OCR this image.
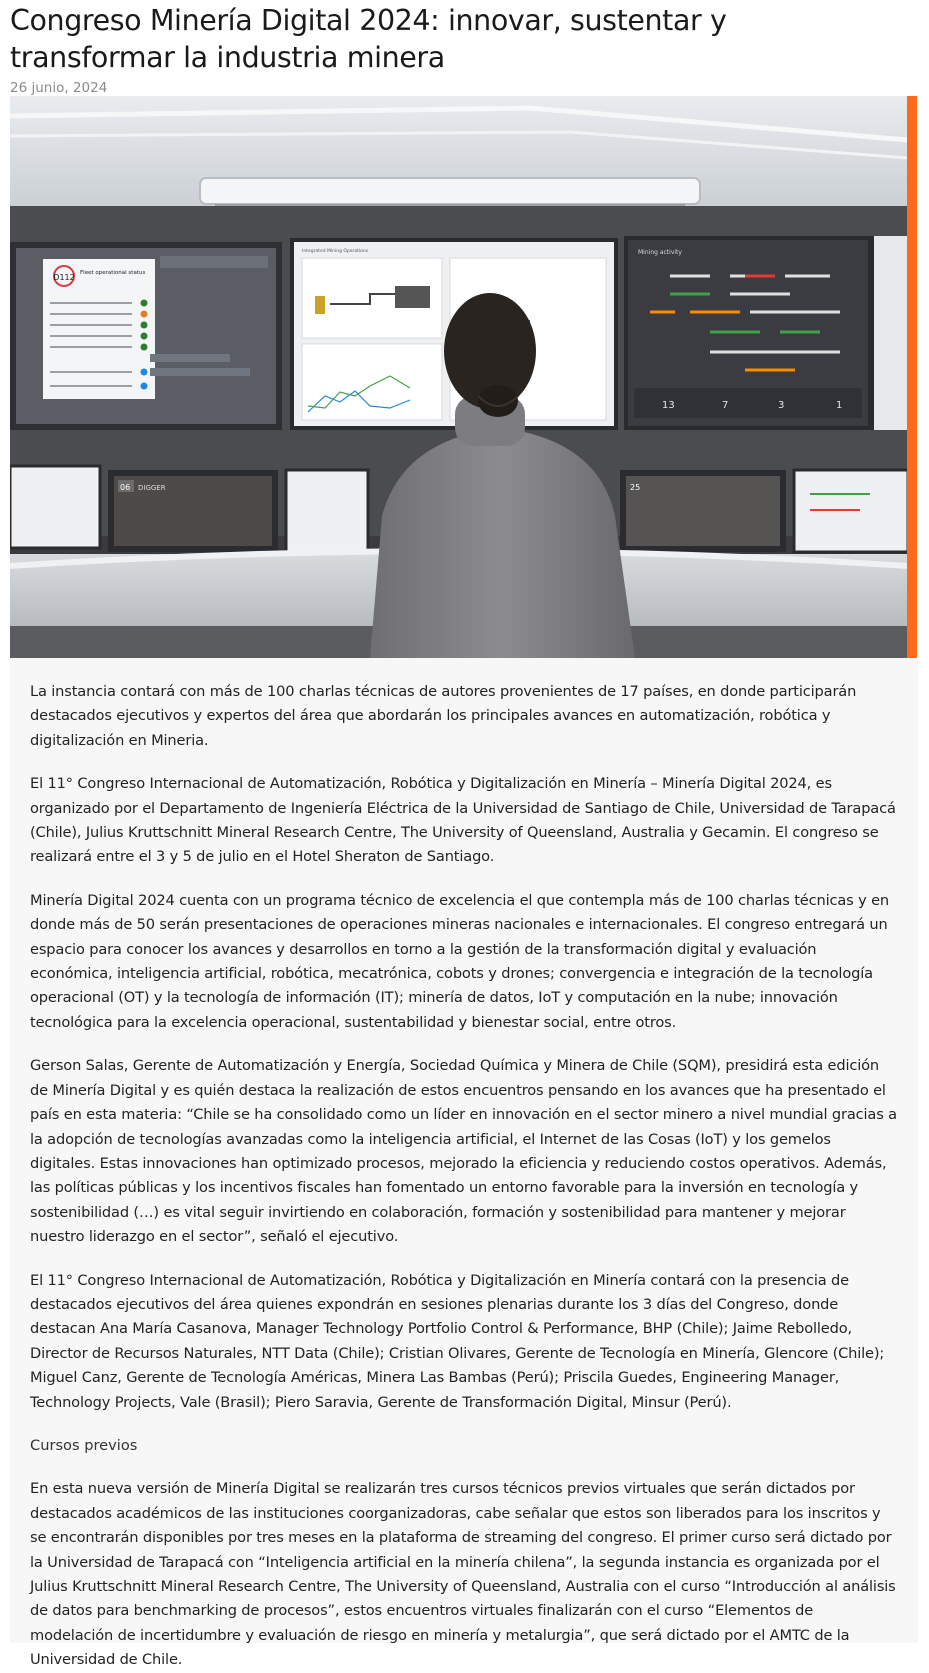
Congreso Minería Digital 2024: innovar, sustentar y transformar la industria minera
26 junio, 2024
D112 Fleet operational status
Integrated Mining Operations	Mining activity
13	7	3	1
06 DIGGER	25

La instancia contará con más de 100 charlas técnicas de autores provenientes de 17 países, en donde participarán destacados ejecutivos y expertos del área que abordarán los principales avances en automatización, robótica y digitalización en Mineria.

El 11° Congreso Internacional de Automatización, Robótica y Digitalización en Minería – Minería Digital 2024, es organizado por el Departamento de Ingeniería Eléctrica de la Universidad de Santiago de Chile, Universidad de Tarapacá (Chile), Julius Kruttschnitt Mineral Research Centre, The University of Queensland, Australia y Gecamin. El congreso se realizará entre el 3 y 5 de julio en el Hotel Sheraton de Santiago.

Minería Digital 2024 cuenta con un programa técnico de excelencia el que contempla más de 100 charlas técnicas y en donde más de 50 serán presentaciones de operaciones mineras nacionales e internacionales. El congreso entregará un espacio para conocer los avances y desarrollos en torno a la gestión de la transformación digital y evaluación económica, inteligencia artificial, robótica, mecatrónica, cobots y drones; convergencia e integración de la tecnología operacional (OT) y la tecnología de información (IT); minería de datos, IoT y computación en la nube; innovación tecnológica para la excelencia operacional, sustentabilidad y bienestar social, entre otros.

Gerson Salas, Gerente de Automatización y Energía, Sociedad Química y Minera de Chile (SQM), presidirá esta edición de Minería Digital y es quién destaca la realización de estos encuentros pensando en los avances que ha presentado el país en esta materia: “Chile se ha consolidado como un líder en innovación en el sector minero a nivel mundial gracias a la adopción de tecnologías avanzadas como la inteligencia artificial, el Internet de las Cosas (IoT) y los gemelos digitales. Estas innovaciones han optimizado procesos, mejorado la eficiencia y reduciendo costos operativos. Además, las políticas públicas y los incentivos fiscales han fomentado un entorno favorable para la inversión en tecnología y sostenibilidad (…) es vital seguir invirtiendo en colaboración, formación y sostenibilidad para mantener y mejorar nuestro liderazgo en el sector”, señaló el ejecutivo.

El 11° Congreso Internacional de Automatización, Robótica y Digitalización en Minería contará con la presencia de destacados ejecutivos del área quienes expondrán en sesiones plenarias durante los 3 días del Congreso, donde destacan Ana María Casanova, Manager Technology Portfolio Control & Performance, BHP (Chile); Jaime Rebolledo, Director de Recursos Naturales, NTT Data (Chile); Cristian Olivares, Gerente de Tecnología en Minería, Glencore (Chile); Miguel Canz, Gerente de Tecnología Américas, Minera Las Bambas (Perú); Priscila Guedes, Engineering Manager, Technology Projects, Vale (Brasil); Piero Saravia, Gerente de Transformación Digital, Minsur (Perú).

Cursos previos

En esta nueva versión de Minería Digital se realizarán tres cursos técnicos previos virtuales que serán dictados por destacados académicos de las instituciones coorganizadoras, cabe señalar que estos son liberados para los inscritos y se encontrarán disponibles por tres meses en la plataforma de streaming del congreso. El primer curso será dictado por la Universidad de Tarapacá con “Inteligencia artificial en la minería chilena”, la segunda instancia es organizada por el Julius Kruttschnitt Mineral Research Centre, The University of Queensland, Australia con el curso “Introducción al análisis de datos para benchmarking de procesos”, estos encuentros virtuales finalizarán con el curso “Elementos de modelación de incertidumbre y evaluación de riesgo en minería y metalurgia”, que será dictado por el AMTC de la Universidad de Chile.
